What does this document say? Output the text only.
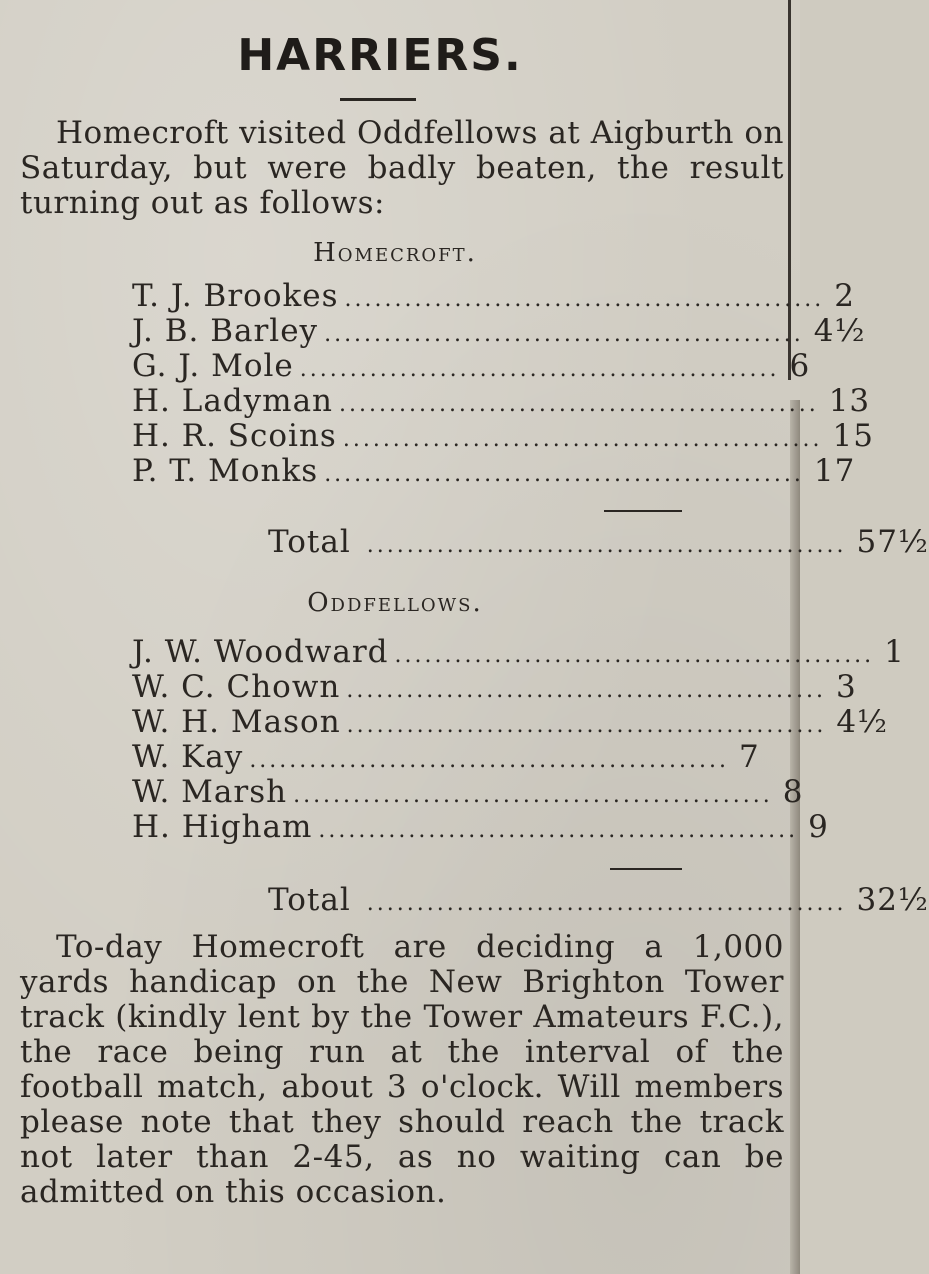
HARRIERS.
Homecroft visited Oddfellows at Aigburth on Saturday, but were badly beaten, the result turning out as follows:
Homecroft.
T. J. Brookes ................................................ 2
J. B. Barley ................................................ 4½
G. J. Mole ................................................ 6
H. Ladyman ................................................ 13
H. R. Scoins ................................................ 15
P. T. Monks ................................................ 17
Total ................................................ 57½
Oddfellows.
J. W. Woodward ................................................ 1
W. C. Chown ................................................ 3
W. H. Mason ................................................ 4½
W. Kay ................................................ 7
W. Marsh ................................................ 8
H. Higham ................................................ 9
Total ................................................ 32½
To-day Homecroft are deciding a 1,000 yards handicap on the New Brighton Tower track (kindly lent by the Tower Amateurs F.C.), the race being run at the interval of the football match, about 3 o'clock. Will members please note that they should reach the track not later than 2-45, as no waiting can be admitted on this occasion.
